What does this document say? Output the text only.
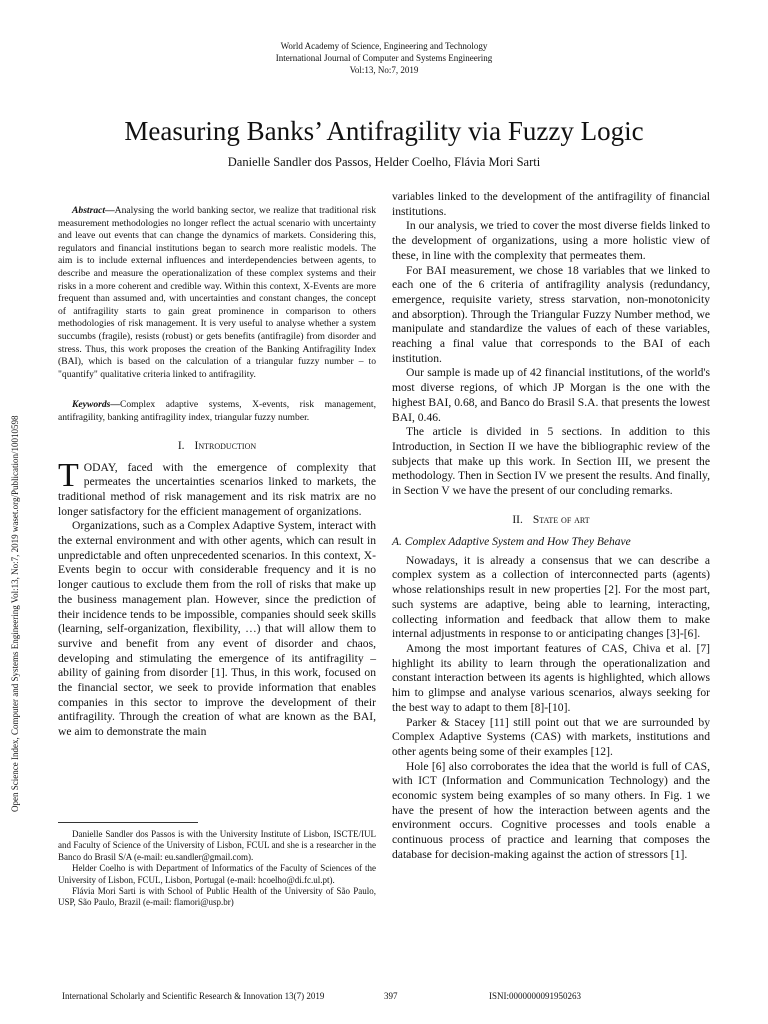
World Academy of Science, Engineering and Technology
International Journal of Computer and Systems Engineering
Vol:13, No:7, 2019
Measuring Banks’ Antifragility via Fuzzy Logic
Danielle Sandler dos Passos, Helder Coelho, Flávia Mori Sarti
Open Science Index, Computer and Systems Engineering Vol:13, No:7, 2019 waset.org/Publication/10010598

Abstract—Analysing the world banking sector, we realize that traditional risk measurement methodologies no longer reflect the actual scenario with uncertainty and leave out events that can change the dynamics of markets. Considering this, regulators and financial institutions began to search more realistic models. The aim is to include external influences and interdependencies between agents, to describe and measure the operationalization of these complex systems and their risks in a more coherent and credible way. Within this context, X-Events are more frequent than assumed and, with uncertainties and constant changes, the concept of antifragility starts to gain great prominence in comparison to others methodologies of risk management. It is very useful to analyse whether a system succumbs (fragile), resists (robust) or gets benefits (antifragile) from disorder and stress. Thus, this work proposes the creation of the Banking Antifragility Index (BAI), which is based on the calculation of a triangular fuzzy number – to "quantify" qualitative criteria linked to antifragility.

Keywords—Complex adaptive systems, X-events, risk management, antifragility, banking antifragility index, triangular fuzzy number.

I. Introduction

TODAY, faced with the emergence of complexity that permeates the uncertainties scenarios linked to markets, the traditional method of risk management and its risk matrix are no longer satisfactory for the efficient management of organizations.

Organizations, such as a Complex Adaptive System, interact with the external environment and with other agents, which can result in unpredictable and often unprecedented scenarios. In this context, X-Events begin to occur with considerable frequency and it is no longer cautious to exclude them from the roll of risks that make up the business management plan. However, since the prediction of their incidence tends to be impossible, companies should seek skills (learning, self-organization, flexibility, …) that will allow them to survive and benefit from any event of disorder and chaos, developing and stimulating the emergence of its antifragility – ability of gaining from disorder [1]. Thus, in this work, focused on the financial sector, we seek to provide information that enables companies in this sector to improve the development of their antifragility. Through the creation of what are known as the BAI, we aim to demonstrate the main

Danielle Sandler dos Passos is with the University Institute of Lisbon, ISCTE/IUL and Faculty of Science of the University of Lisbon, FCUL and she is a researcher in the Banco do Brasil S/A (e-mail: eu.sandler@gmail.com).

Helder Coelho is with Department of Informatics of the Faculty of Sciences of the University of Lisbon, FCUL, Lisbon, Portugal (e-mail: hcoelho@di.fc.ul.pt).

Flávia Mori Sarti is with School of Public Health of the University of São Paulo, USP, São Paulo, Brazil (e-mail: flamori@usp.br)

variables linked to the development of the antifragility of financial institutions.

In our analysis, we tried to cover the most diverse fields linked to the development of organizations, using a more holistic view of these, in line with the complexity that permeates them.

For BAI measurement, we chose 18 variables that we linked to each one of the 6 criteria of antifragility analysis (redundancy, emergence, requisite variety, stress starvation, non-monotonicity and absorption). Through the Triangular Fuzzy Number method, we manipulate and standardize the values of each of these variables, reaching a final value that corresponds to the BAI of each institution.

Our sample is made up of 42 financial institutions, of the world's most diverse regions, of which JP Morgan is the one with the highest BAI, 0.68, and Banco do Brasil S.A. that presents the lowest BAI, 0.46.

The article is divided in 5 sections. In addition to this Introduction, in Section II we have the bibliographic review of the subjects that make up this work. In Section III, we present the methodology. Then in Section IV we present the results. And finally, in Section V we have the present of our concluding remarks.

II. State of art

A. Complex Adaptive System and How They Behave

Nowadays, it is already a consensus that we can describe a complex system as a collection of interconnected parts (agents) whose relationships result in new properties [2]. For the most part, such systems are adaptive, being able to learning, interacting, collecting information and feedback that allow them to make internal adjustments in response to or anticipating changes [3]-[6].

Among the most important features of CAS, Chiva et al. [7] highlight its ability to learn through the operationalization and constant interaction between its agents is highlighted, which allows him to glimpse and analyse various scenarios, always seeking for the best way to adapt to them [8]-[10].

Parker & Stacey [11] still point out that we are surrounded by Complex Adaptive Systems (CAS) with markets, institutions and other agents being some of their examples [12].

Hole [6] also corroborates the idea that the world is full of CAS, with ICT (Information and Communication Technology) and the economic system being examples of so many others. In Fig. 1 we have the present of how the interaction between agents and the environment occurs. Cognitive processes and tools enable a continuous process of practice and learning that composes the database for decision-making against the action of stressors [1].

International Scholarly and Scientific Research & Innovation 13(7) 2019	397	ISNI:0000000091950263
